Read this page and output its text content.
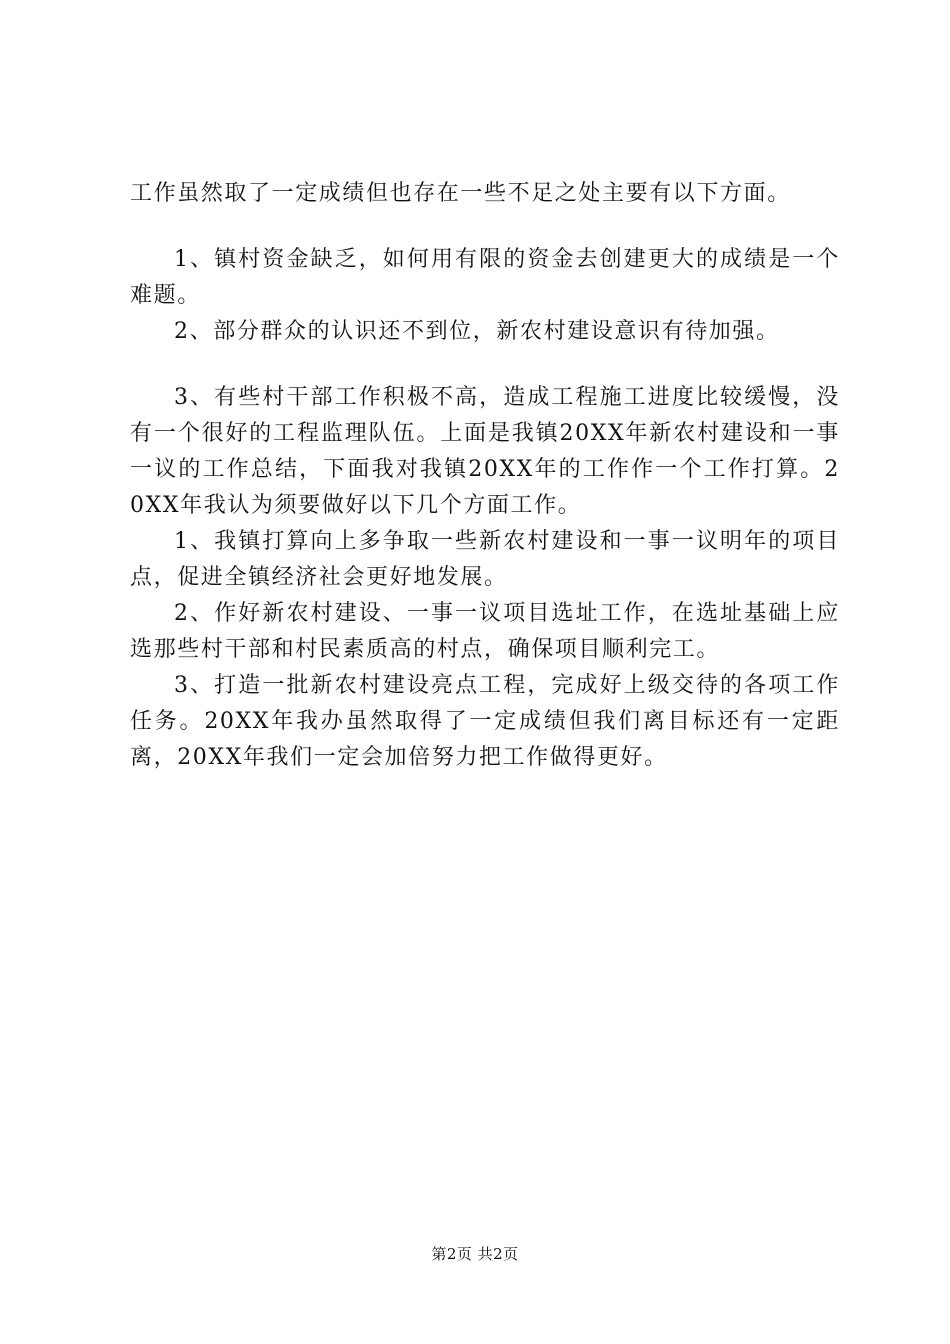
工作虽然取了一定成绩但也存在一些不足之处主要有以下方面。

1、镇村资金缺乏，如何用有限的资金去创建更大的成绩是一个难题。

2、部分群众的认识还不到位，新农村建设意识有待加强。

3、有些村干部工作积极不高，造成工程施工进度比较缓慢，没有一个很好的工程监理队伍。上面是我镇20XX年新农村建设和一事一议的工作总结，下面我对我镇20XX年的工作作一个工作打算。20XX年我认为须要做好以下几个方面工作。

1、我镇打算向上多争取一些新农村建设和一事一议明年的项目点，促进全镇经济社会更好地发展。

2、作好新农村建设、一事一议项目选址工作，在选址基础上应选那些村干部和村民素质高的村点，确保项目顺利完工。

3、打造一批新农村建设亮点工程，完成好上级交待的各项工作任务。20XX年我办虽然取得了一定成绩但我们离目标还有一定距离，20XX年我们一定会加倍努力把工作做得更好。

第2页 共2页
